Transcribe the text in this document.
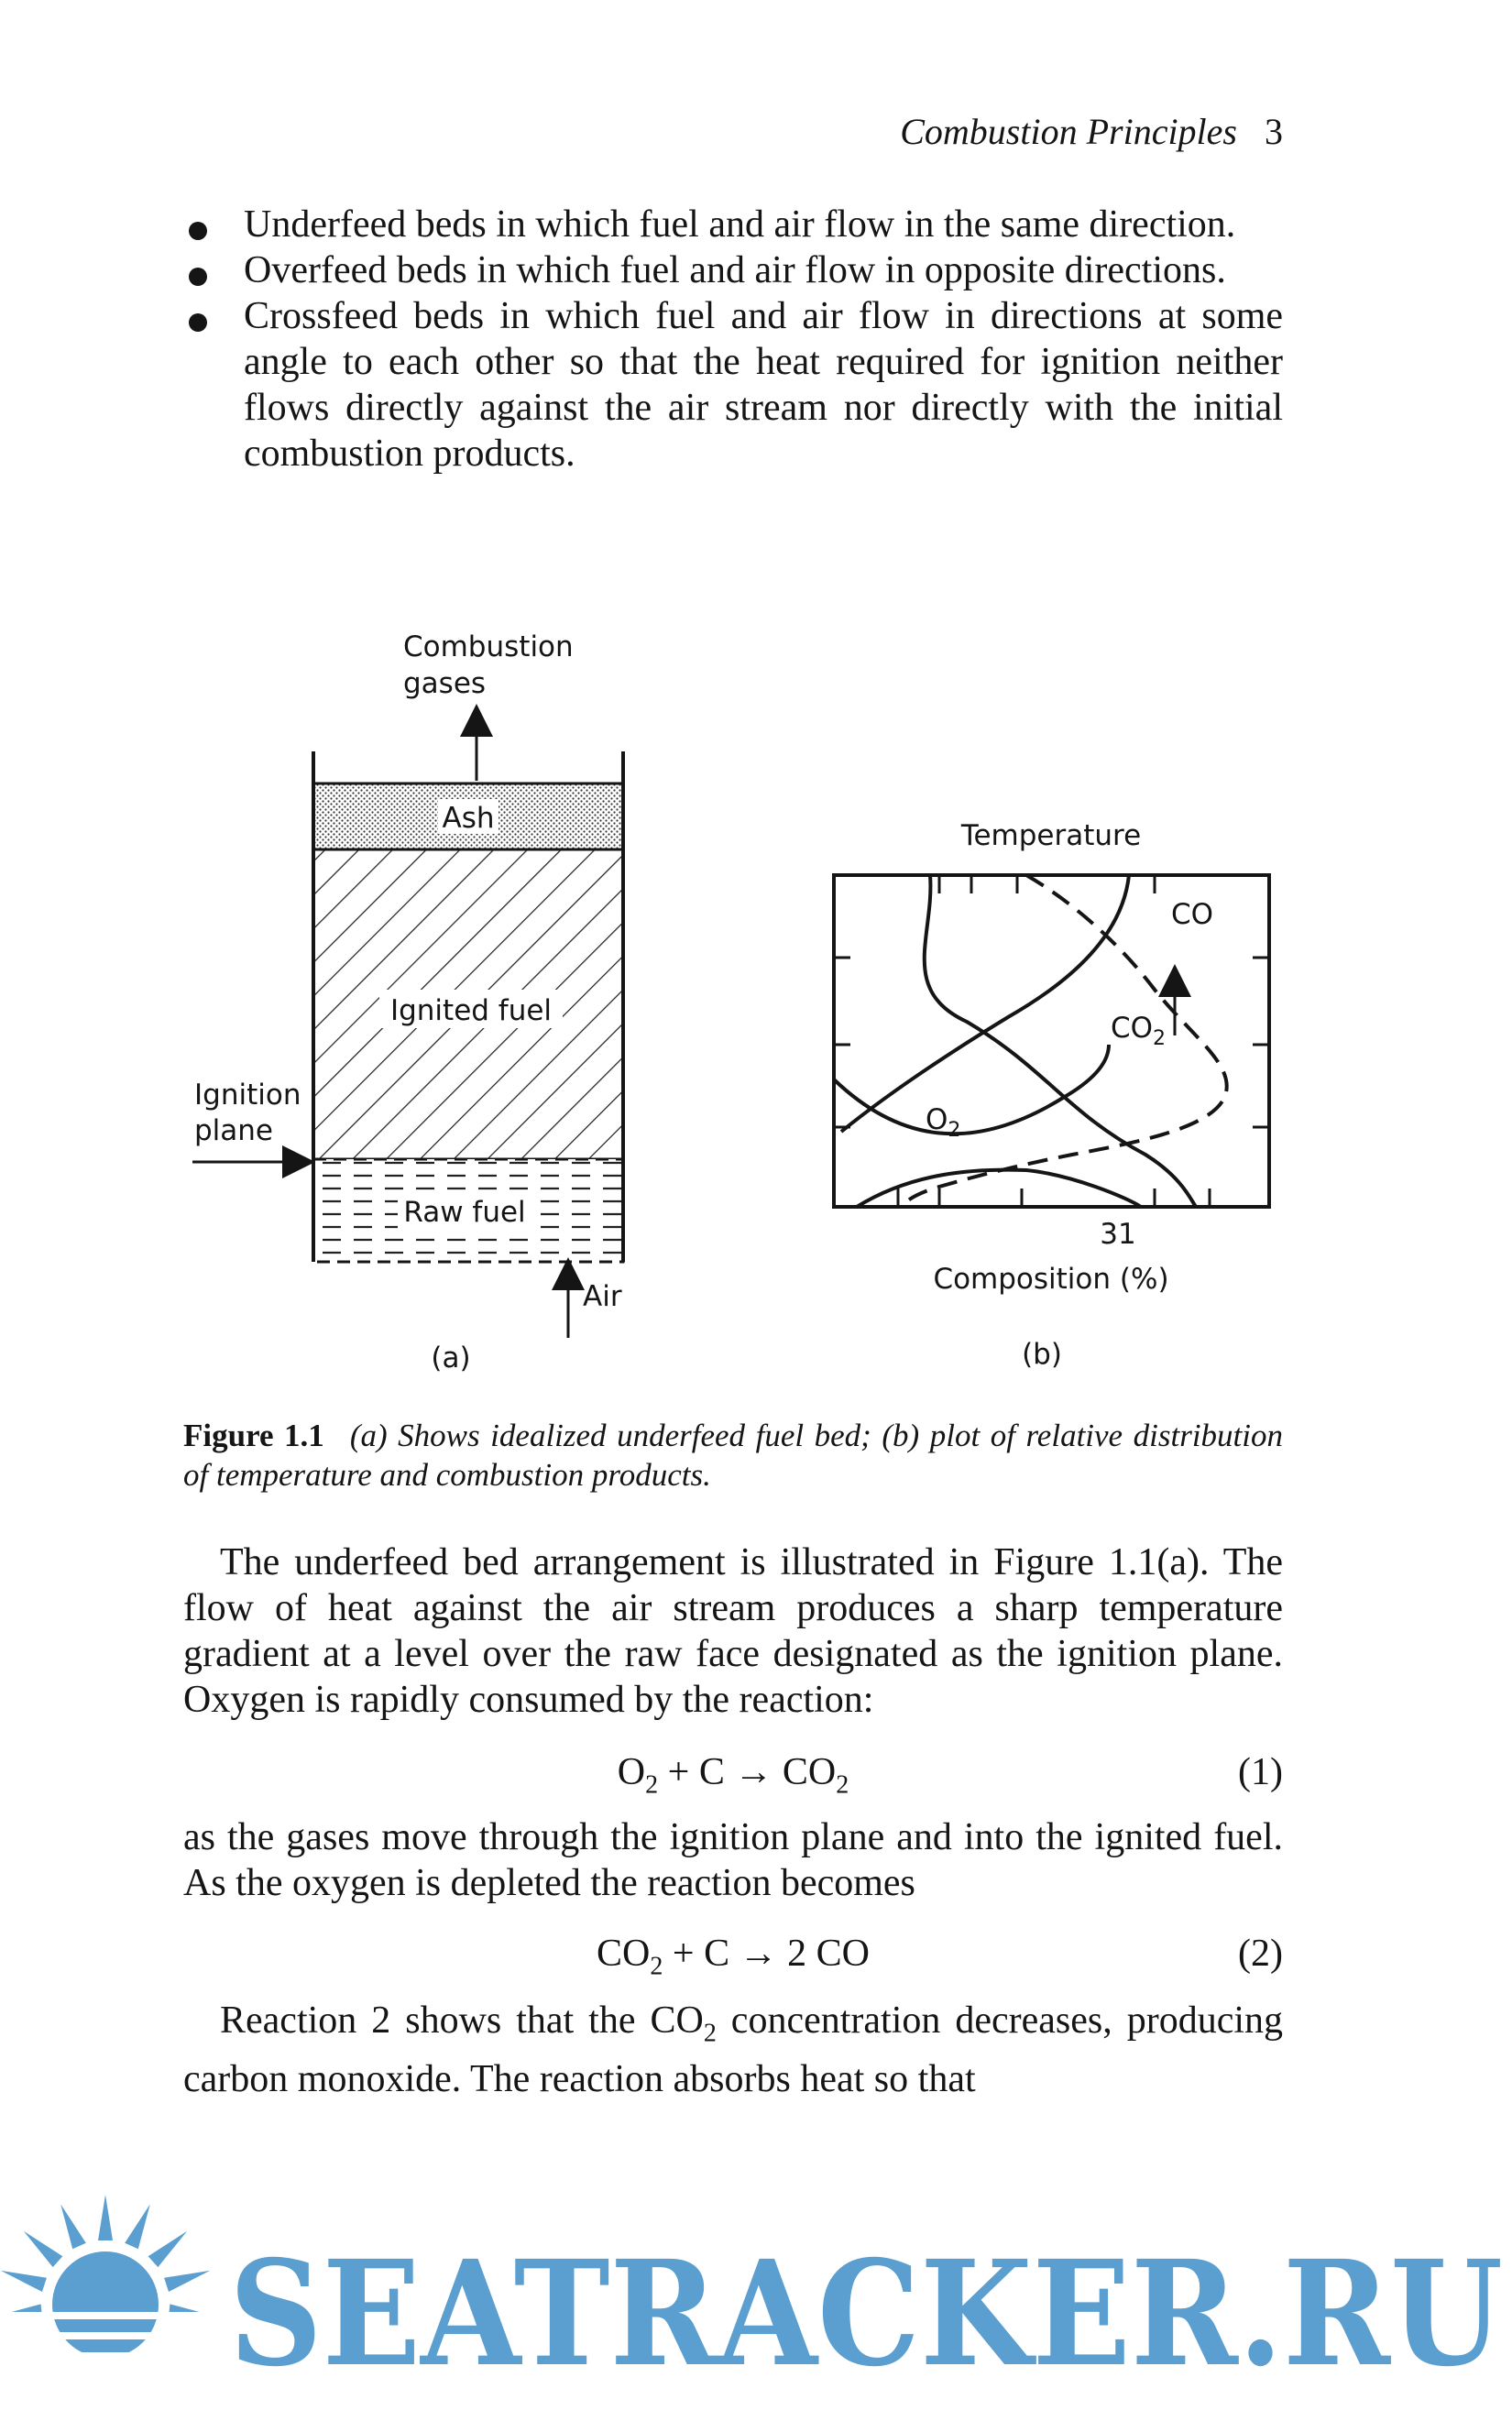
Combustion Principles 3
Underfeed beds in which fuel and air flow in the same direction.
Overfeed beds in which fuel and air flow in opposite directions.
Crossfeed beds in which fuel and air flow in directions at some angle to each other so that the heat required for ignition neither flows directly against the air stream nor directly with the initial combustion products.
Ash
Ignited fuel
Raw fuel
Combustion
gases
Ignition
plane
Air
(a)
Temperature
CO
$CO_2$
$O_2$
31
Composition (%)
(b)
Figure 1.1 (a) Shows idealized underfeed fuel bed; (b) plot of relative distribution of temperature and combustion products.
The underfeed bed arrangement is illustrated in Figure 1.1(a). The flow of heat against the air stream produces a sharp temperature gradient at a level over the raw face designated as the ignition plane. Oxygen is rapidly consumed by the reaction:
$O_2 + C \to CO_2$	(1)
as the gases move through the ignition plane and into the ignited fuel. As the oxygen is depleted the reaction becomes
$CO_2 + C \to 2$ CO	(2)
Reaction 2 shows that the $CO_2$ concentration decreases, producing carbon monoxide. The reaction absorbs heat so that
SEATRACKER.RU
